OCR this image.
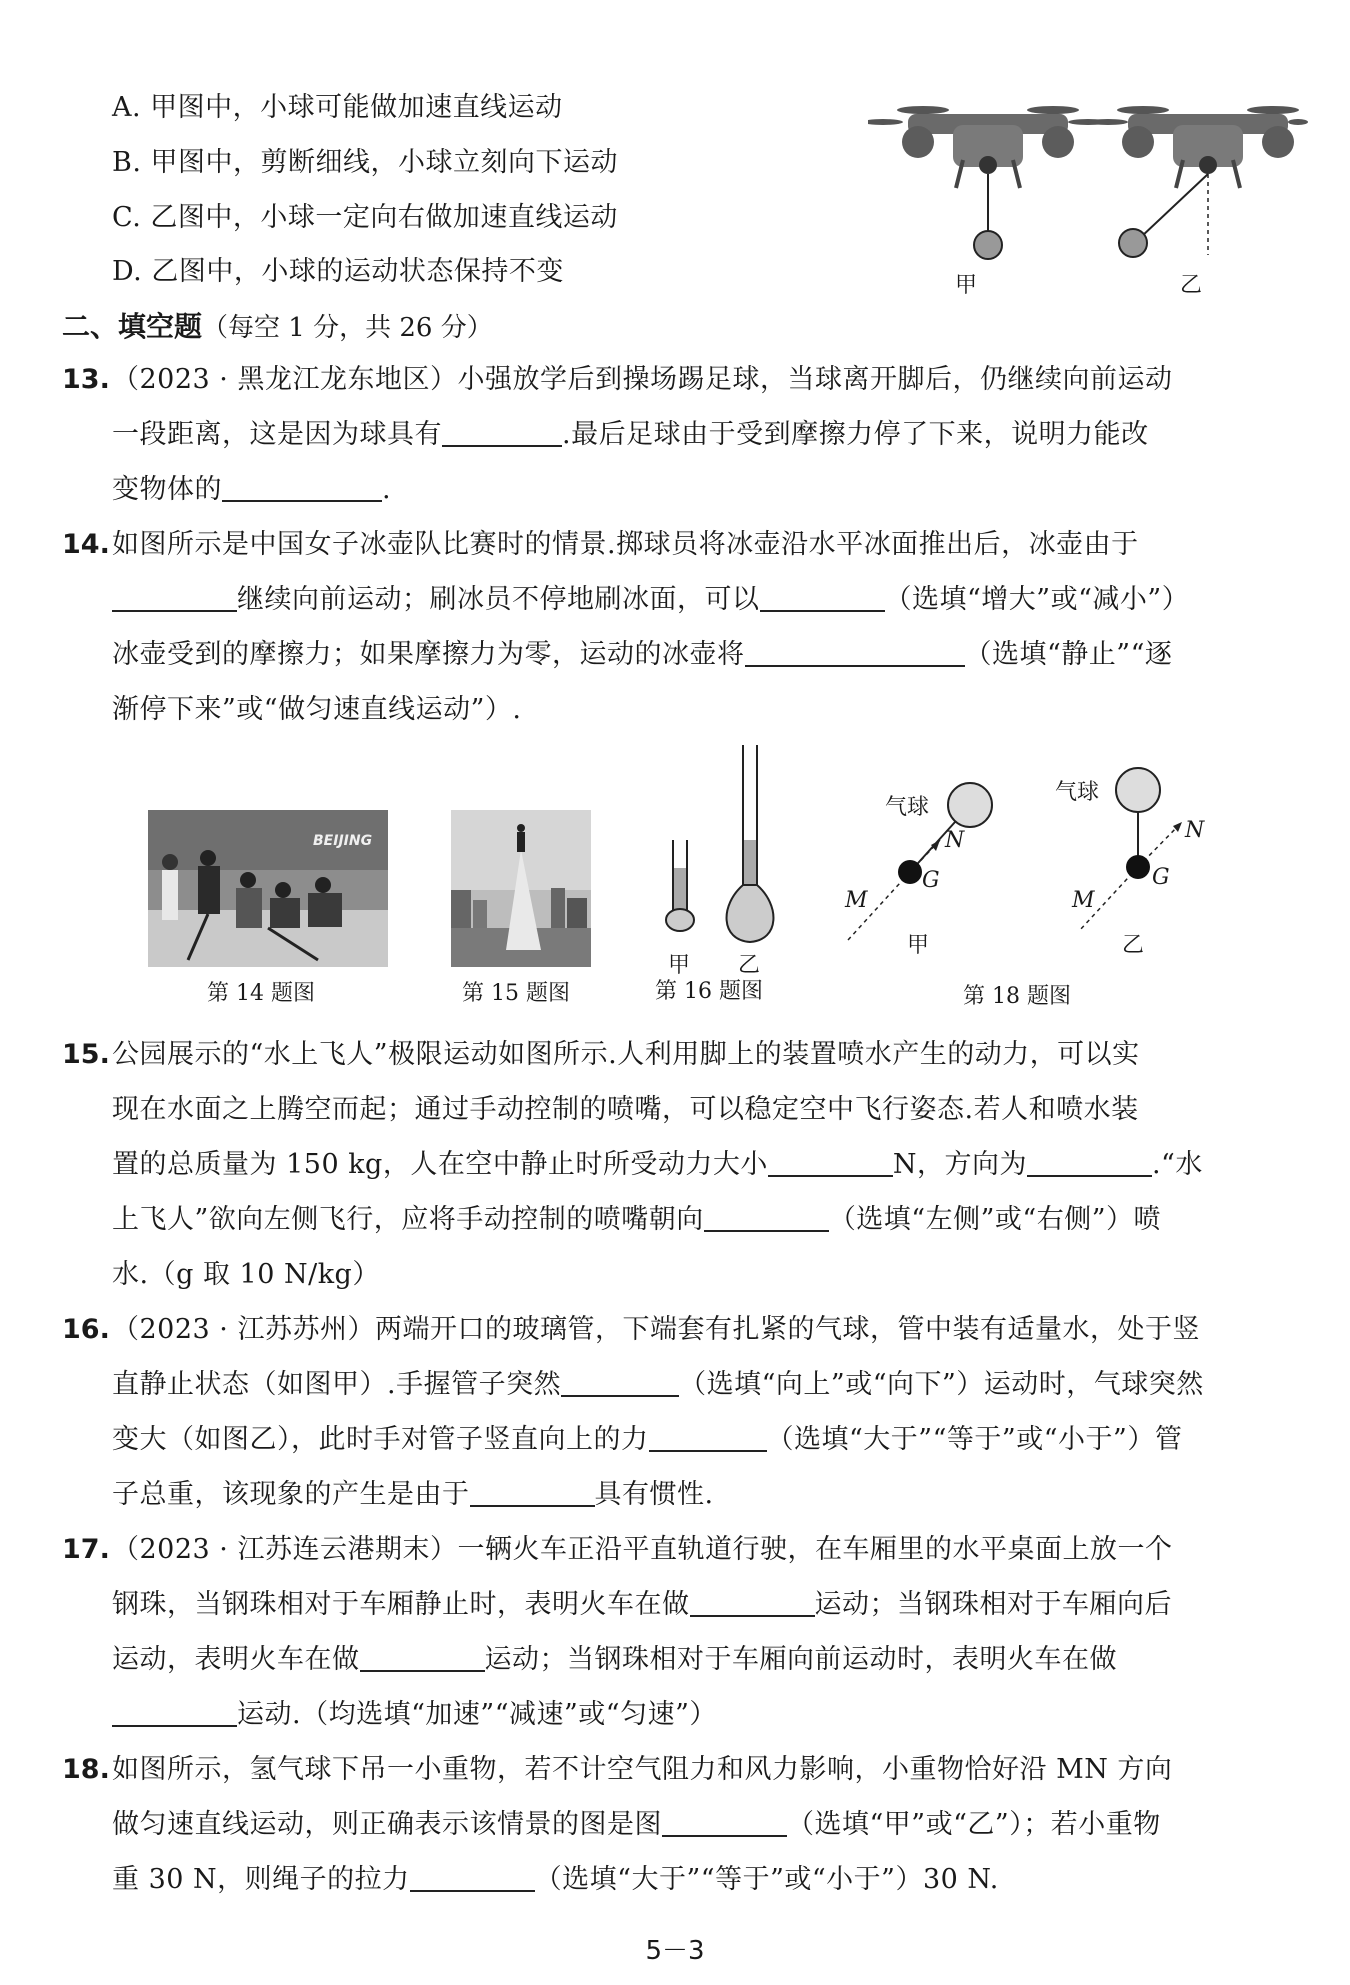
A. 甲图中，小球可能做加速直线运动
B. 甲图中，剪断细线，小球立刻向下运动
C. 乙图中，小球一定向右做加速直线运动
D. 乙图中，小球的运动状态保持不变	甲	乙
二、填空题（每空 1 分，共 26 分）
13. （2023 · 黑龙江龙东地区）小强放学后到操场踢足球，当球离开脚后，仍继续向前运动
一段距离，这是因为球具有	.最后足球由于受到摩擦力停了下来，说明力能改
变物体的	.
14. 如图所示是中国女子冰壶队比赛时的情景.掷球员将冰壶沿水平冰面推出后，冰壶由于
继续向前运动；刷冰员不停地刷冰面，可以	（选填“增大”或“减小”）
冰壶受到的摩擦力；如果摩擦力为零，运动的冰壶将	（选填“静止”“逐
渐停下来”或“做匀速直线运动”）.
BEIJING
第 14 题图	第 15 题图
甲 乙
第 16 题图
气球
气球
N
G
M
N
G
M
甲	乙
第 18 题图
15. 公园展示的“水上飞人”极限运动如图所示.人利用脚上的装置喷水产生的动力，可以实
现在水面之上腾空而起；通过手动控制的喷嘴，可以稳定空中飞行姿态.若人和喷水装
置的总质量为 150 kg，人在空中静止时所受动力大小	N，方向为	.“水
上飞人”欲向左侧飞行，应将手动控制的喷嘴朝向	（选填“左侧”或“右侧”）喷
水.（g 取 10 N/kg）
16. （2023 · 江苏苏州）两端开口的玻璃管，下端套有扎紧的气球，管中装有适量水，处于竖
直静止状态（如图甲）.手握管子突然	（选填“向上”或“向下”）运动时，气球突然
变大（如图乙），此时手对管子竖直向上的力	（选填“大于”“等于”或“小于”）管
子总重，该现象的产生是由于	具有惯性.
17. （2023 · 江苏连云港期末）一辆火车正沿平直轨道行驶，在车厢里的水平桌面上放一个
钢珠，当钢珠相对于车厢静止时，表明火车在做	运动；当钢珠相对于车厢向后
运动，表明火车在做	运动；当钢珠相对于车厢向前运动时，表明火车在做
运动.（均选填“加速”“减速”或“匀速”）
18. 如图所示，氢气球下吊一小重物，若不计空气阻力和风力影响，小重物恰好沿 MN 方向
做匀速直线运动，则正确表示该情景的图是图	（选填“甲”或“乙”）；若小重物
重 30 N，则绳子的拉力	（选填“大于”“等于”或“小于”）30 N.
5－3
